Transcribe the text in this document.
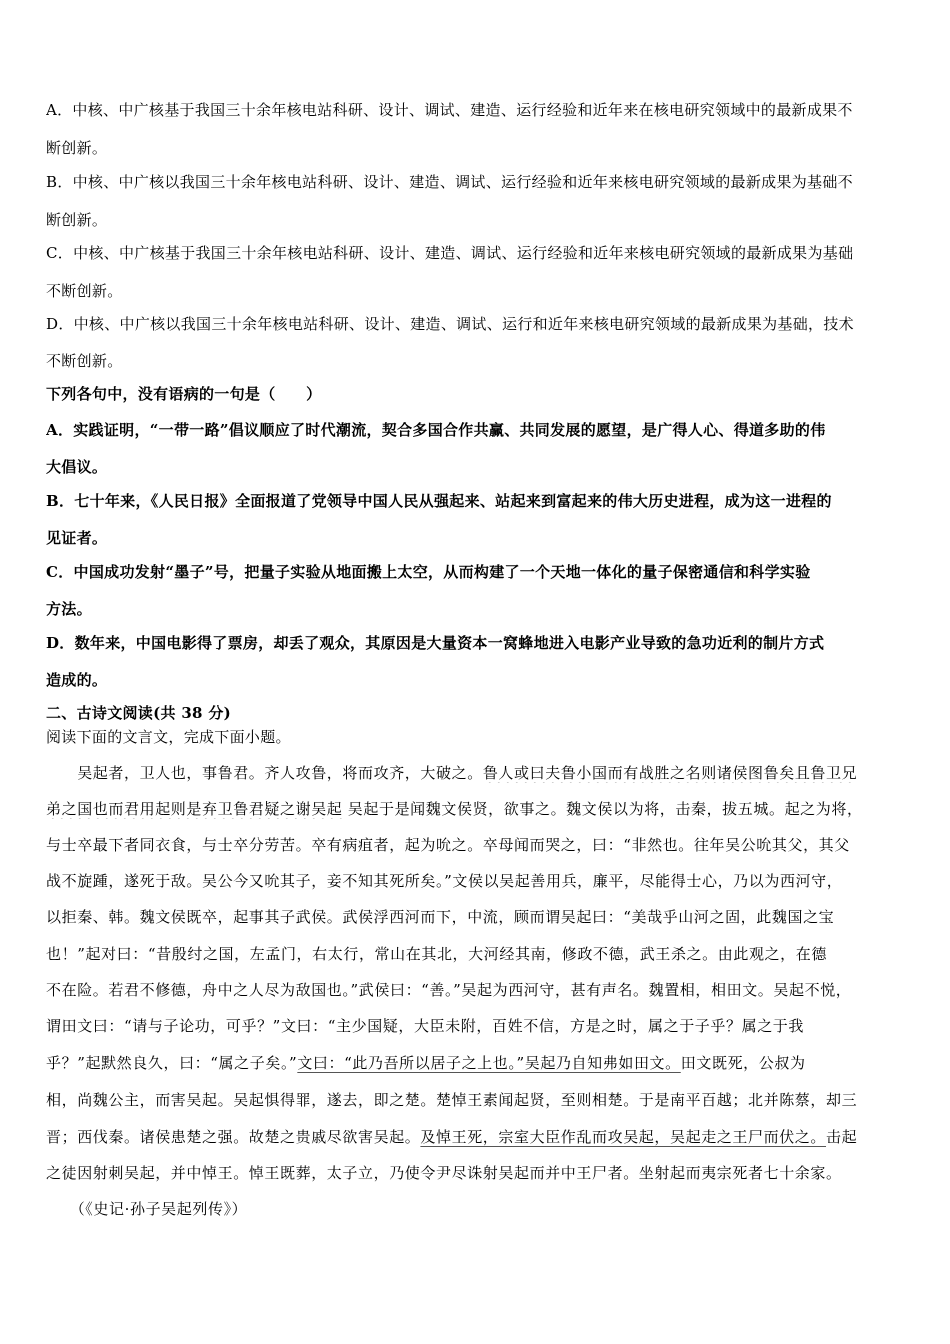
A．中核、中广核基于我国三十余年核电站科研、设计、调试、建造、运行经验和近年来在核电研究领域中的最新成果不
断创新。
B．中核、中广核以我国三十余年核电站科研、设计、建造、调试、运行经验和近年来核电研究领域的最新成果为基础不
断创新。
C．中核、中广核基于我国三十余年核电站科研、设计、建造、调试、运行经验和近年来核电研究领域的最新成果为基础
不断创新。
D．中核、中广核以我国三十余年核电站科研、设计、建造、调试、运行和近年来核电研究领域的最新成果为基础，技术
不断创新。
下列各句中，没有语病的一句是（　　）
A．实践证明，“一带一路”倡议顺应了时代潮流，契合多国合作共赢、共同发展的愿望，是广得人心、得道多助的伟
大倡议。
B．七十年来，《人民日报》全面报道了党领导中国人民从强起来、站起来到富起来的伟大历史进程，成为这一进程的
见证者。
C．中国成功发射“墨子”号，把量子实验从地面搬上太空，从而构建了一个天地一体化的量子保密通信和科学实验
方法。
D．数年来，中国电影得了票房，却丢了观众，其原因是大量资本一窝蜂地进入电影产业导致的急功近利的制片方式
造成的。
二、古诗文阅读(共 38 分)
阅读下面的文言文，完成下面小题。
　　吴起者，卫人也，事鲁君。齐人攻鲁，将而攻齐，大破之。鲁人或曰夫鲁小国而有战胜之名则诸侯图鲁矣且鲁卫兄
弟之国也而君用起则是弃卫鲁君疑之谢吴起 吴起于是闻魏文侯贤，欲事之。魏文侯以为将，击秦，拔五城。起之为将，
与士卒最下者同衣食，与士卒分劳苦。卒有病疽者，起为吮之。卒母闻而哭之，曰：“非然也。往年吴公吮其父，其父
战不旋踵，遂死于敌。吴公今又吮其子，妾不知其死所矣。”文侯以吴起善用兵，廉平，尽能得士心，乃以为西河守，
以拒秦、韩。魏文侯既卒，起事其子武侯。武侯浮西河而下，中流，顾而谓吴起曰：“美哉乎山河之固，此魏国之宝
也！”起对曰：“昔殷纣之国，左孟门，右太行，常山在其北，大河经其南，修政不德，武王杀之。由此观之，在德
不在险。若君不修德，舟中之人尽为敌国也。”武侯曰：“善。”吴起为西河守，甚有声名。魏置相，相田文。吴起不悦，
谓田文曰：“请与子论功，可乎？”文曰：“主少国疑，大臣未附，百姓不信，方是之时，属之于子乎？属之于我
乎？”起默然良久，曰：“属之子矣。”文曰：“此乃吾所以居子之上也。”吴起乃自知弗如田文。田文既死，公叔为
相，尚魏公主，而害吴起。吴起惧得罪，遂去，即之楚。楚悼王素闻起贤，至则相楚。于是南平百越；北并陈蔡，却三
晋；西伐秦。诸侯患楚之强。故楚之贵戚尽欲害吴起。及悼王死，宗室大臣作乱而攻吴起，吴起走之王尸而伏之。击起
之徒因射刺吴起，并中悼王。悼王既葬，太子立，乃使令尹尽诛射吴起而并中王尸者。坐射起而夷宗死者七十余家。
　　（《史记·孙子吴起列传》）
